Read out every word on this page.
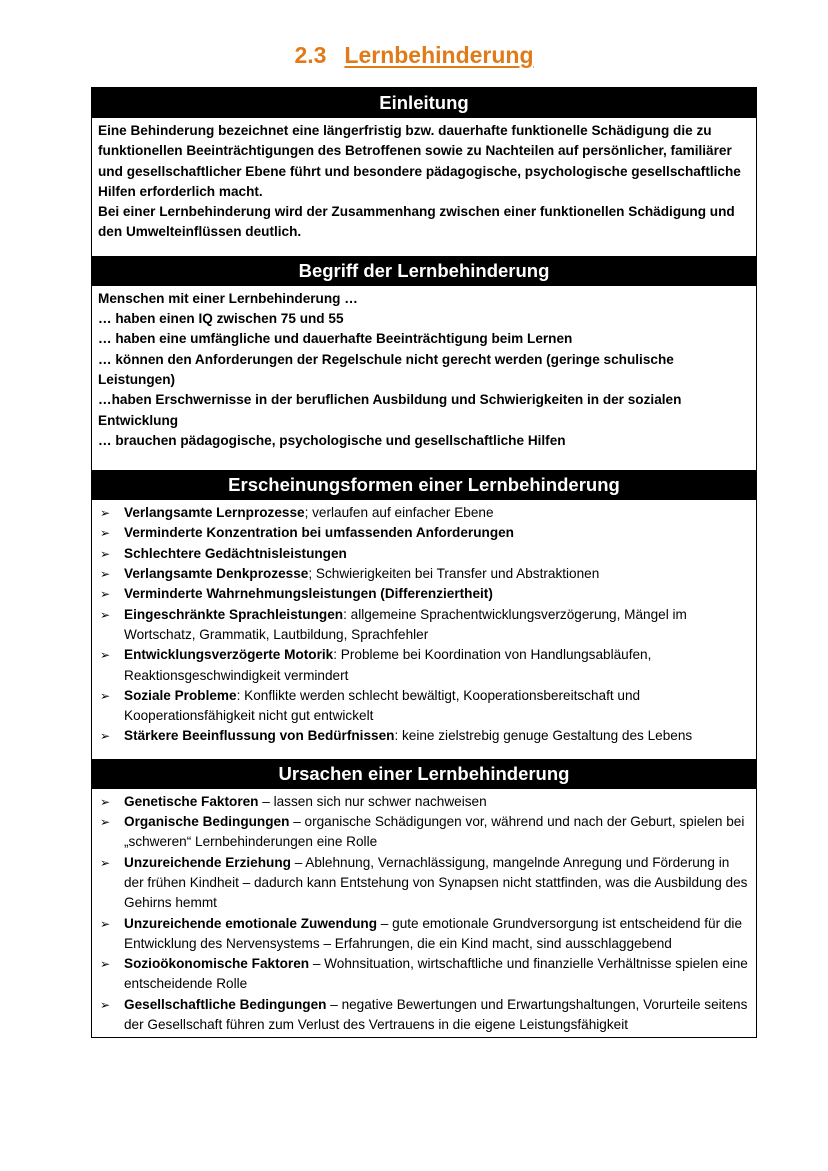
2.3 Lernbehinderung
Einleitung

Eine Behinderung bezeichnet eine längerfristig bzw. dauerhafte funktionelle Schädigung die zu funktionellen Beeinträchtigungen des Betroffenen sowie zu Nachteilen auf persönlicher, familiärer und gesellschaftlicher Ebene führt und besondere pädagogische, psychologische gesellschaftliche Hilfen erforderlich macht.

Bei einer Lernbehinderung wird der Zusammenhang zwischen einer funktionellen Schädigung und den Umwelteinflüssen deutlich.

Begriff der Lernbehinderung
Menschen mit einer Lernbehinderung …
… haben einen IQ zwischen 75 und 55
… haben eine umfängliche und dauerhafte Beeinträchtigung beim Lernen
… können den Anforderungen der Regelschule nicht gerecht werden (geringe schulische Leistungen)
…haben Erschwernisse in der beruflichen Ausbildung und Schwierigkeiten in der sozialen Entwicklung
… brauchen pädagogische, psychologische und gesellschaftliche Hilfen
Erscheinungsformen einer Lernbehinderung
➢ Verlangsamte Lernprozesse; verlaufen auf einfacher Ebene
➢ Verminderte Konzentration bei umfassenden Anforderungen
➢ Schlechtere Gedächtnisleistungen
➢ Verlangsamte Denkprozesse; Schwierigkeiten bei Transfer und Abstraktionen
➢ Verminderte Wahrnehmungsleistungen (Differenziertheit)
➢ Eingeschränkte Sprachleistungen: allgemeine Sprachentwicklungsverzögerung, Mängel im Wortschatz, Grammatik, Lautbildung, Sprachfehler
➢ Entwicklungsverzögerte Motorik: Probleme bei Koordination von Handlungsabläufen, Reaktionsgeschwindigkeit vermindert
➢ Soziale Probleme: Konflikte werden schlecht bewältigt, Kooperationsbereitschaft und Kooperationsfähigkeit nicht gut entwickelt
➢ Stärkere Beeinflussung von Bedürfnissen: keine zielstrebig genuge Gestaltung des Lebens
Ursachen einer Lernbehinderung
➢ Genetische Faktoren – lassen sich nur schwer nachweisen
➢ Organische Bedingungen – organische Schädigungen vor, während und nach der Geburt, spielen bei „schweren“ Lernbehinderungen eine Rolle
➢ Unzureichende Erziehung – Ablehnung, Vernachlässigung, mangelnde Anregung und Förderung in der frühen Kindheit – dadurch kann Entstehung von Synapsen nicht stattfinden, was die Ausbildung des Gehirns hemmt
➢ Unzureichende emotionale Zuwendung – gute emotionale Grundversorgung ist entscheidend für die Entwicklung des Nervensystems – Erfahrungen, die ein Kind macht, sind ausschlaggebend
➢ Sozioökonomische Faktoren – Wohnsituation, wirtschaftliche und finanzielle Verhältnisse spielen eine entscheidende Rolle
➢ Gesellschaftliche Bedingungen – negative Bewertungen und Erwartungshaltungen, Vorurteile seitens der Gesellschaft führen zum Verlust des Vertrauens in die eigene Leistungsfähigkeit
